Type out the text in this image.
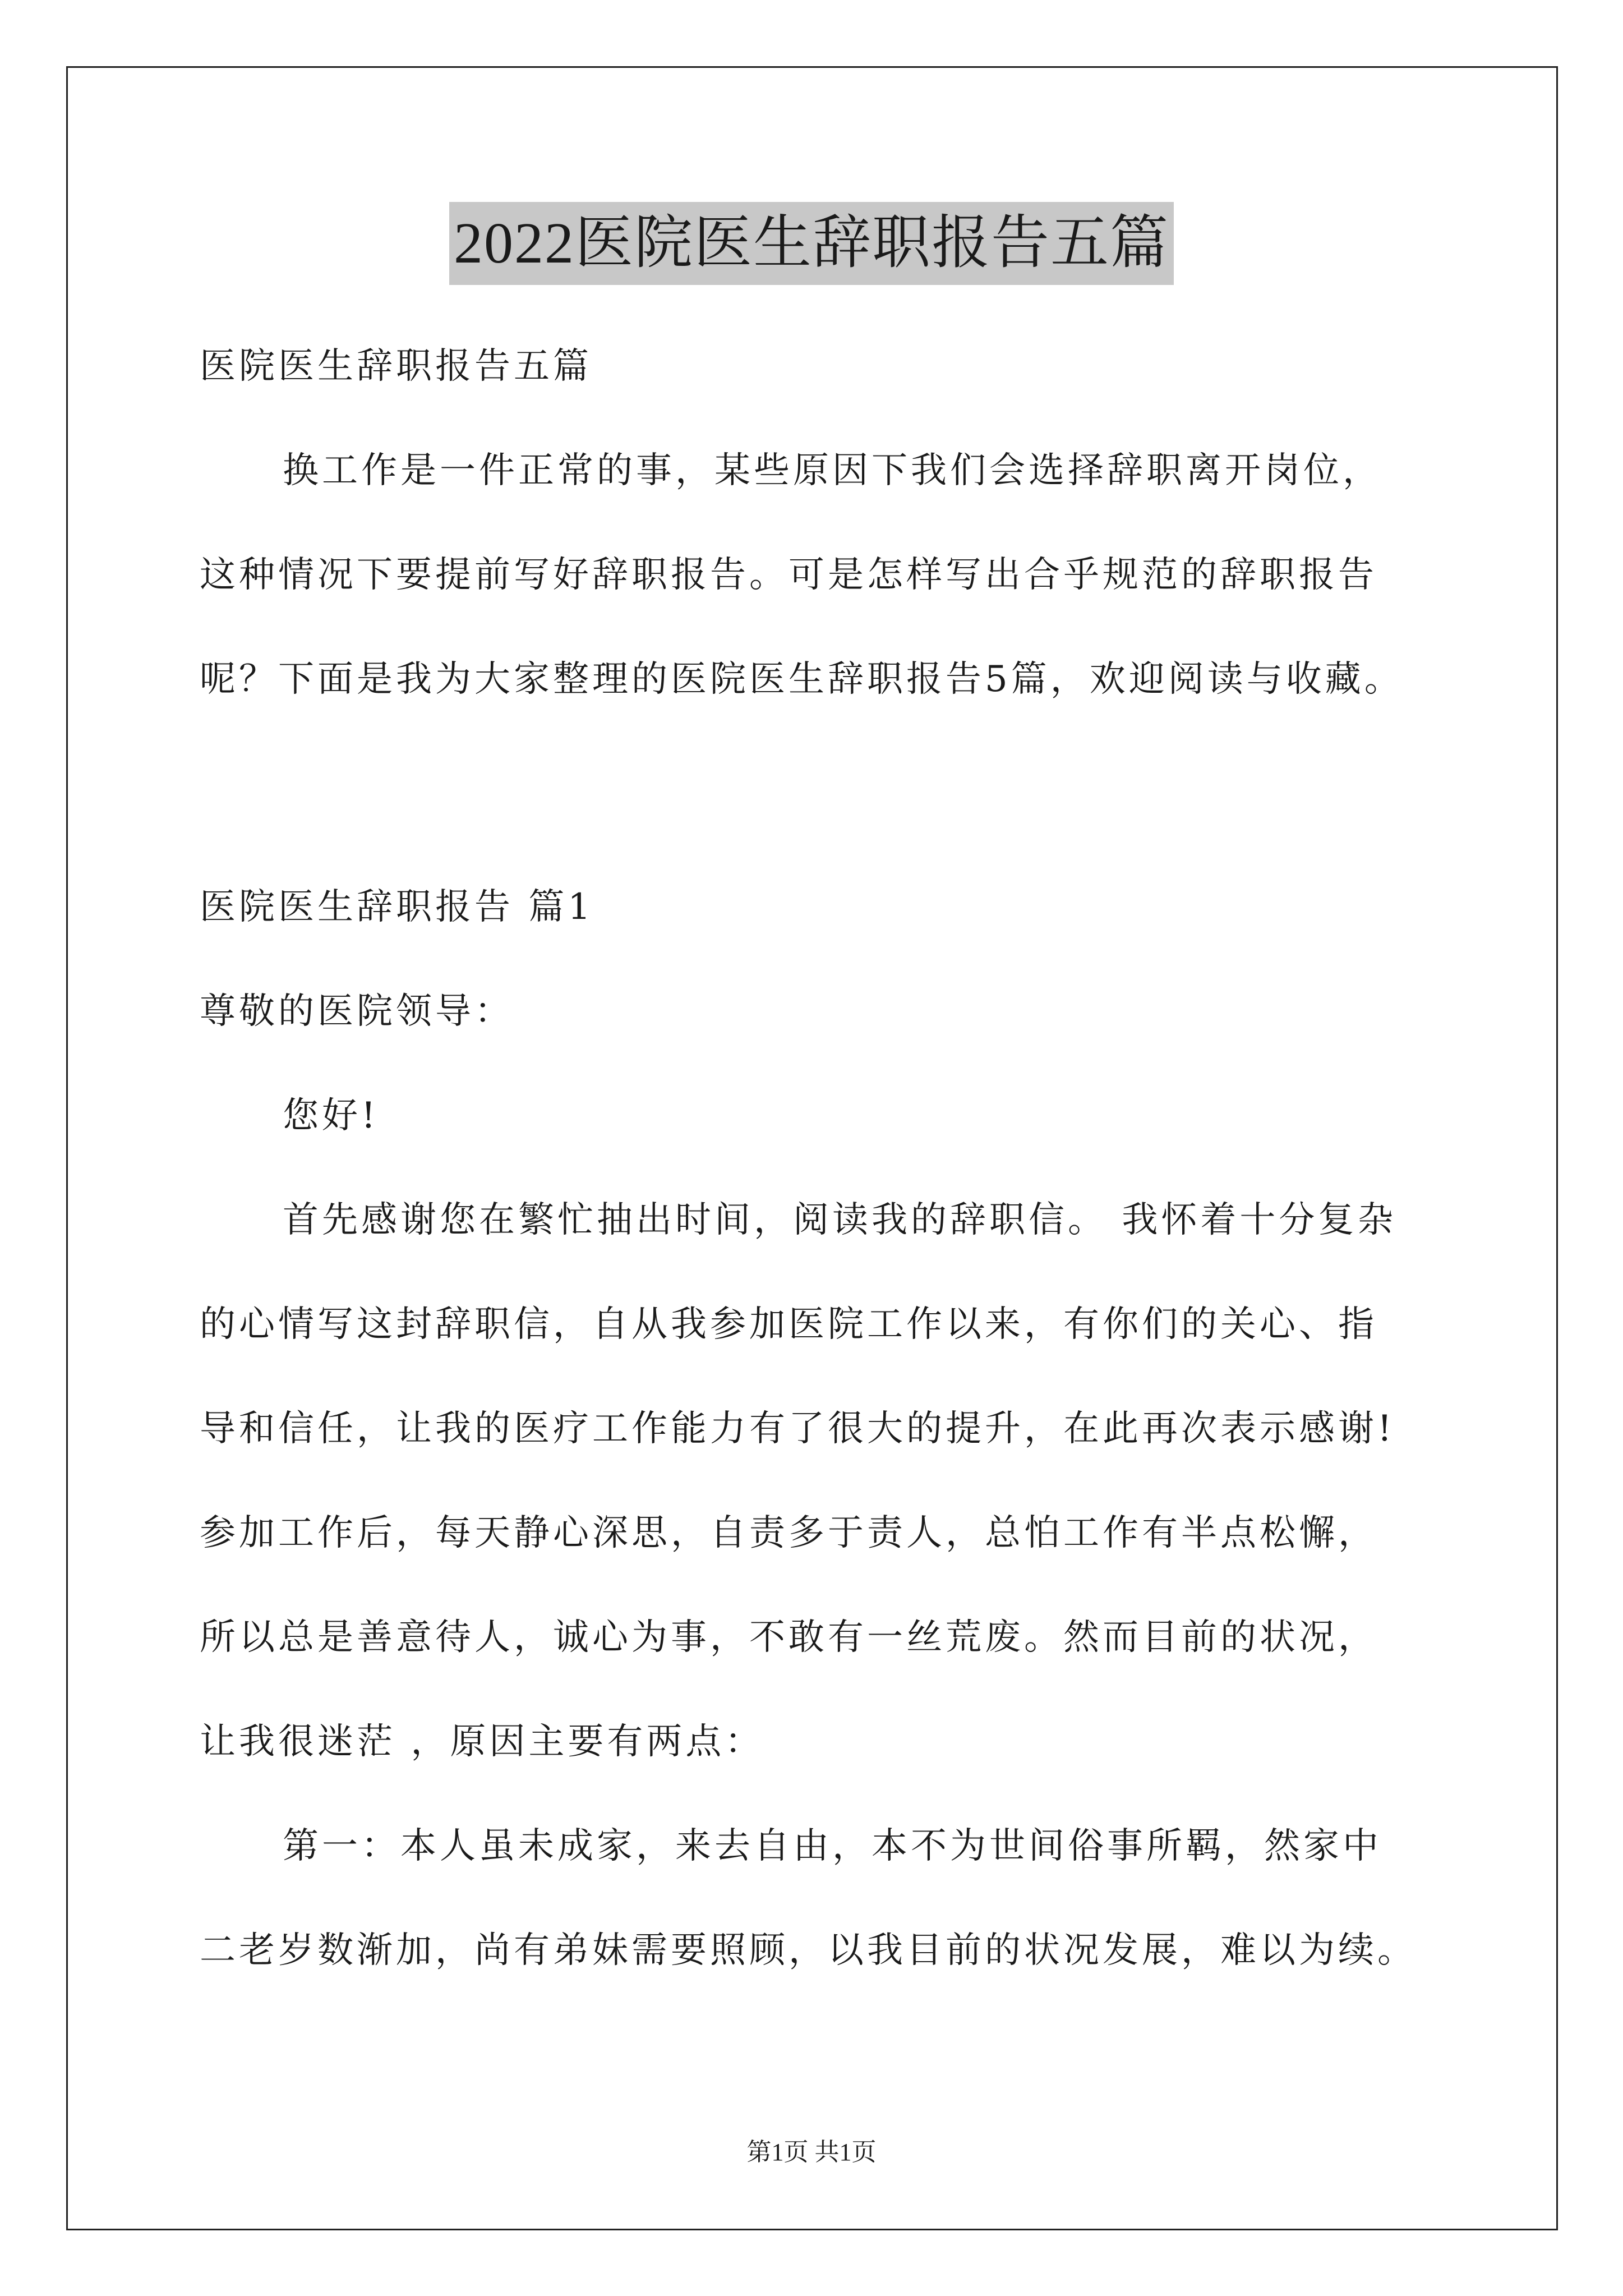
2022医院医生辞职报告五篇
医院医生辞职报告五篇
换工作是一件正常的事，某些原因下我们会选择辞职离开岗位，
这种情况下要提前写好辞职报告。可是怎样写出合乎规范的辞职报告
呢？下面是我为大家整理的医院医生辞职报告5篇，欢迎阅读与收藏。
医院医生辞职报告 篇1
尊敬的医院领导：
您好!
首先感谢您在繁忙抽出时间，阅读我的辞职信。 我怀着十分复杂
的心情写这封辞职信，自从我参加医院工作以来，有你们的关心、指
导和信任，让我的医疗工作能力有了很大的提升，在此再次表示感谢!
参加工作后，每天静心深思，自责多于责人，总怕工作有半点松懈，
所以总是善意待人，诚心为事，不敢有一丝荒废。然而目前的状况，
让我很迷茫 ，原因主要有两点：
第一：本人虽未成家，来去自由，本不为世间俗事所羁，然家中
二老岁数渐加，尚有弟妹需要照顾，以我目前的状况发展，难以为续。
第1页 共1页
